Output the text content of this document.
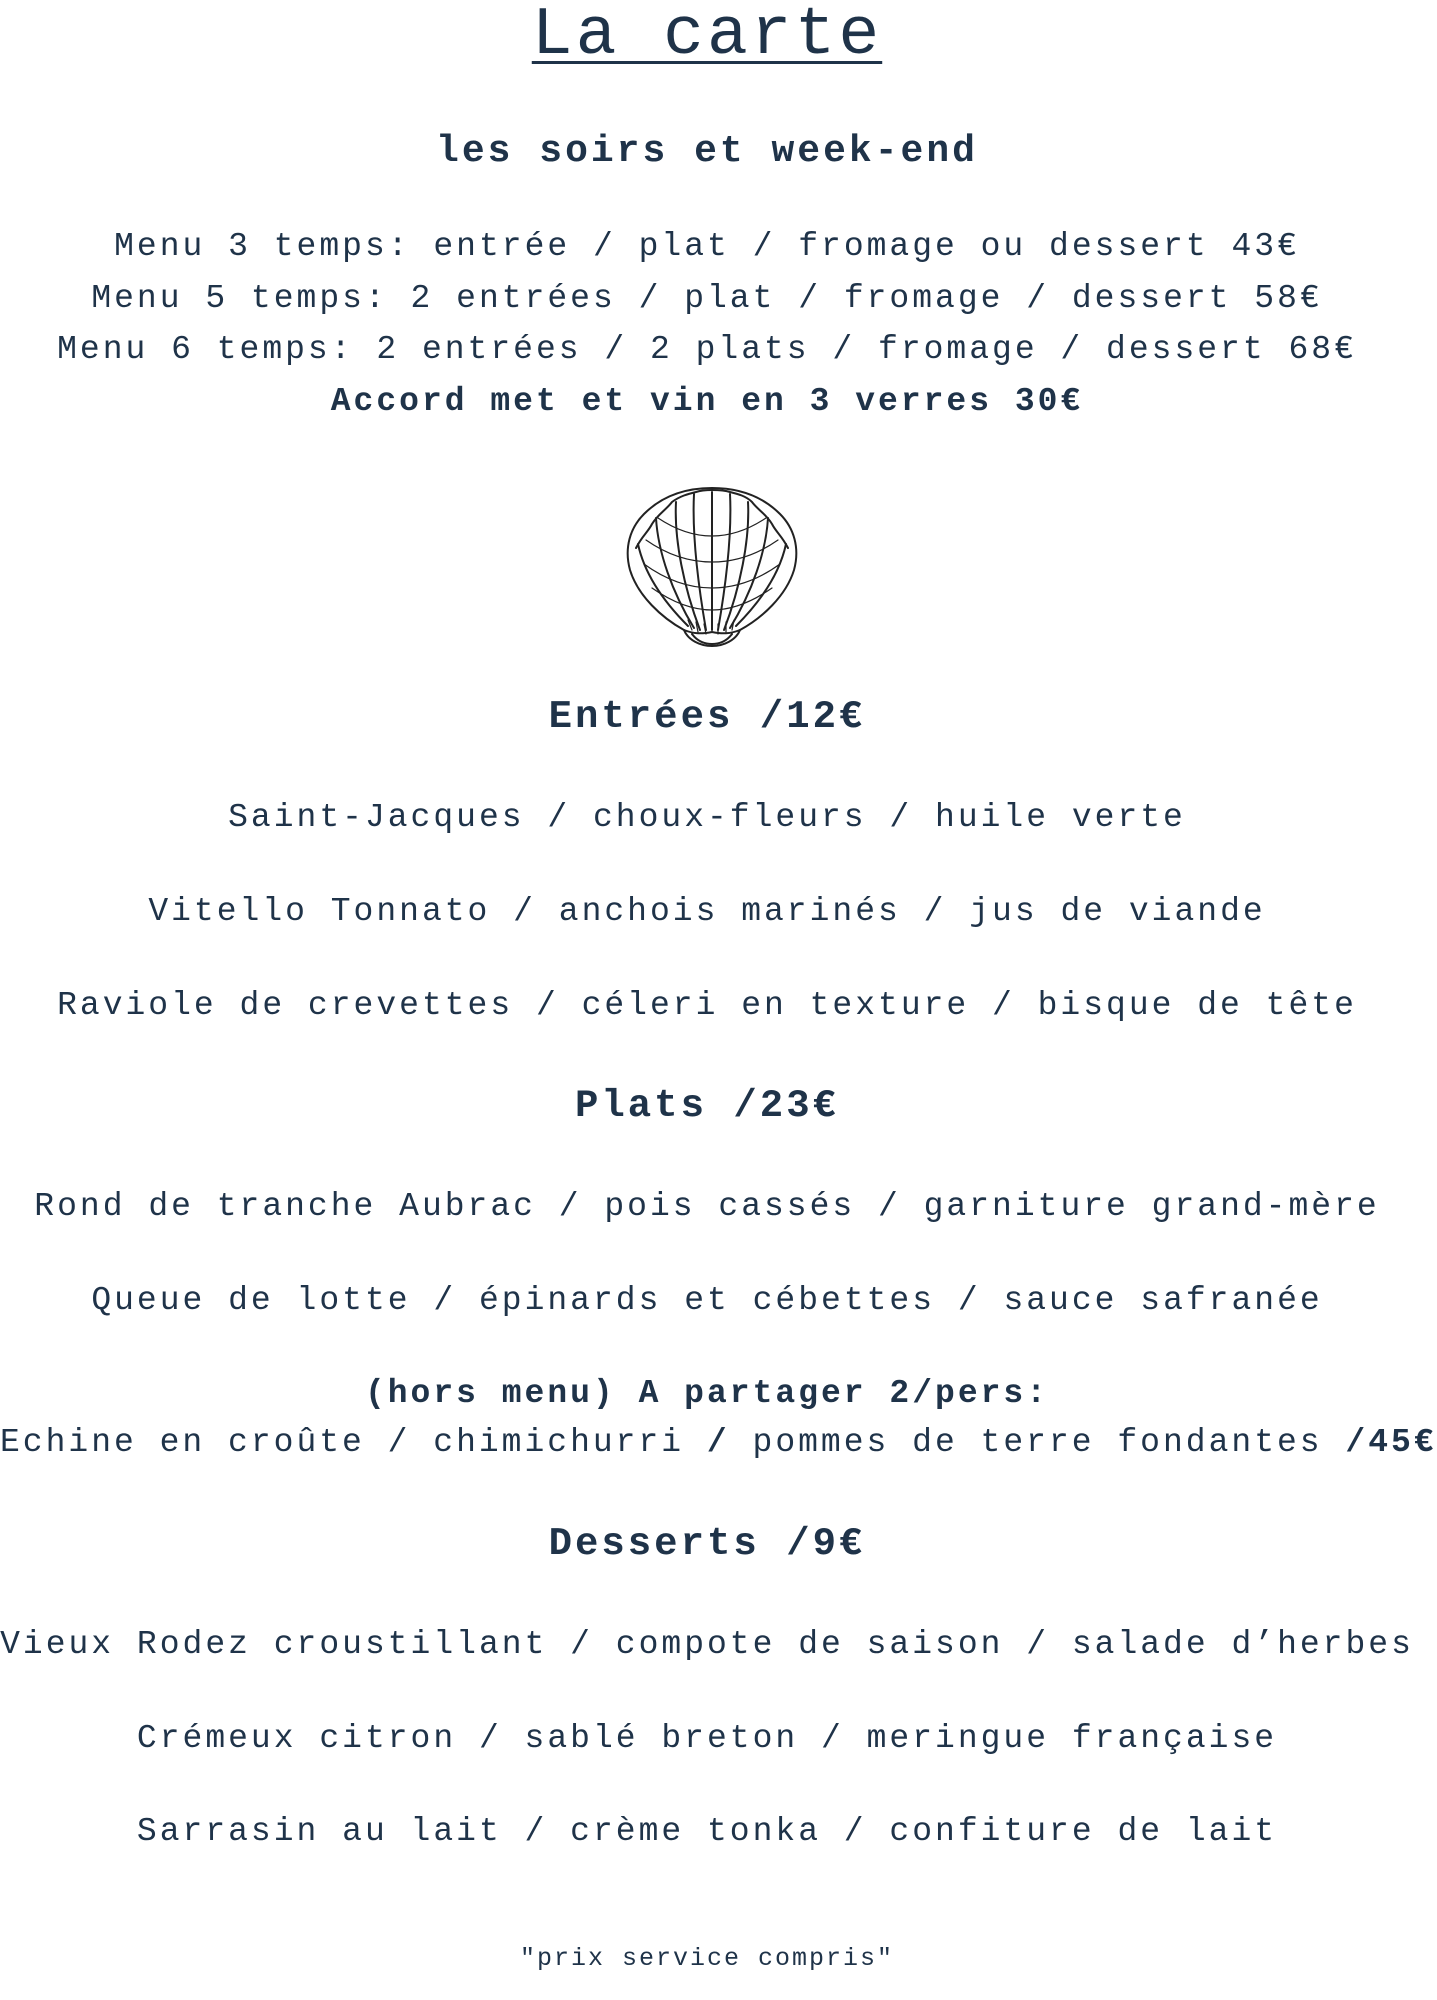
La carte
les soirs et week-end
Menu 3 temps: entrée / plat / fromage ou dessert 43€
Menu 5 temps: 2 entrées / plat / fromage / dessert 58€
Menu 6 temps: 2 entrées / 2 plats / fromage / dessert 68€
Accord met et vin en 3 verres 30€
Entrées /12€
Saint-Jacques / choux-fleurs / huile verte
Vitello Tonnato / anchois marinés / jus de viande
Raviole de crevettes / céleri en texture / bisque de tête
Plats /23€
Rond de tranche Aubrac / pois cassés / garniture grand-mère
Queue de lotte / épinards et cébettes / sauce safranée
(hors menu) A partager 2/pers:
Echine en croûte / chimichurri / pommes de terre fondantes /45€
Desserts /9€
Vieux Rodez croustillant / compote de saison / salade d’herbes
Crémeux citron / sablé breton / meringue française
Sarrasin au lait / crème tonka / confiture de lait
"prix service compris"
